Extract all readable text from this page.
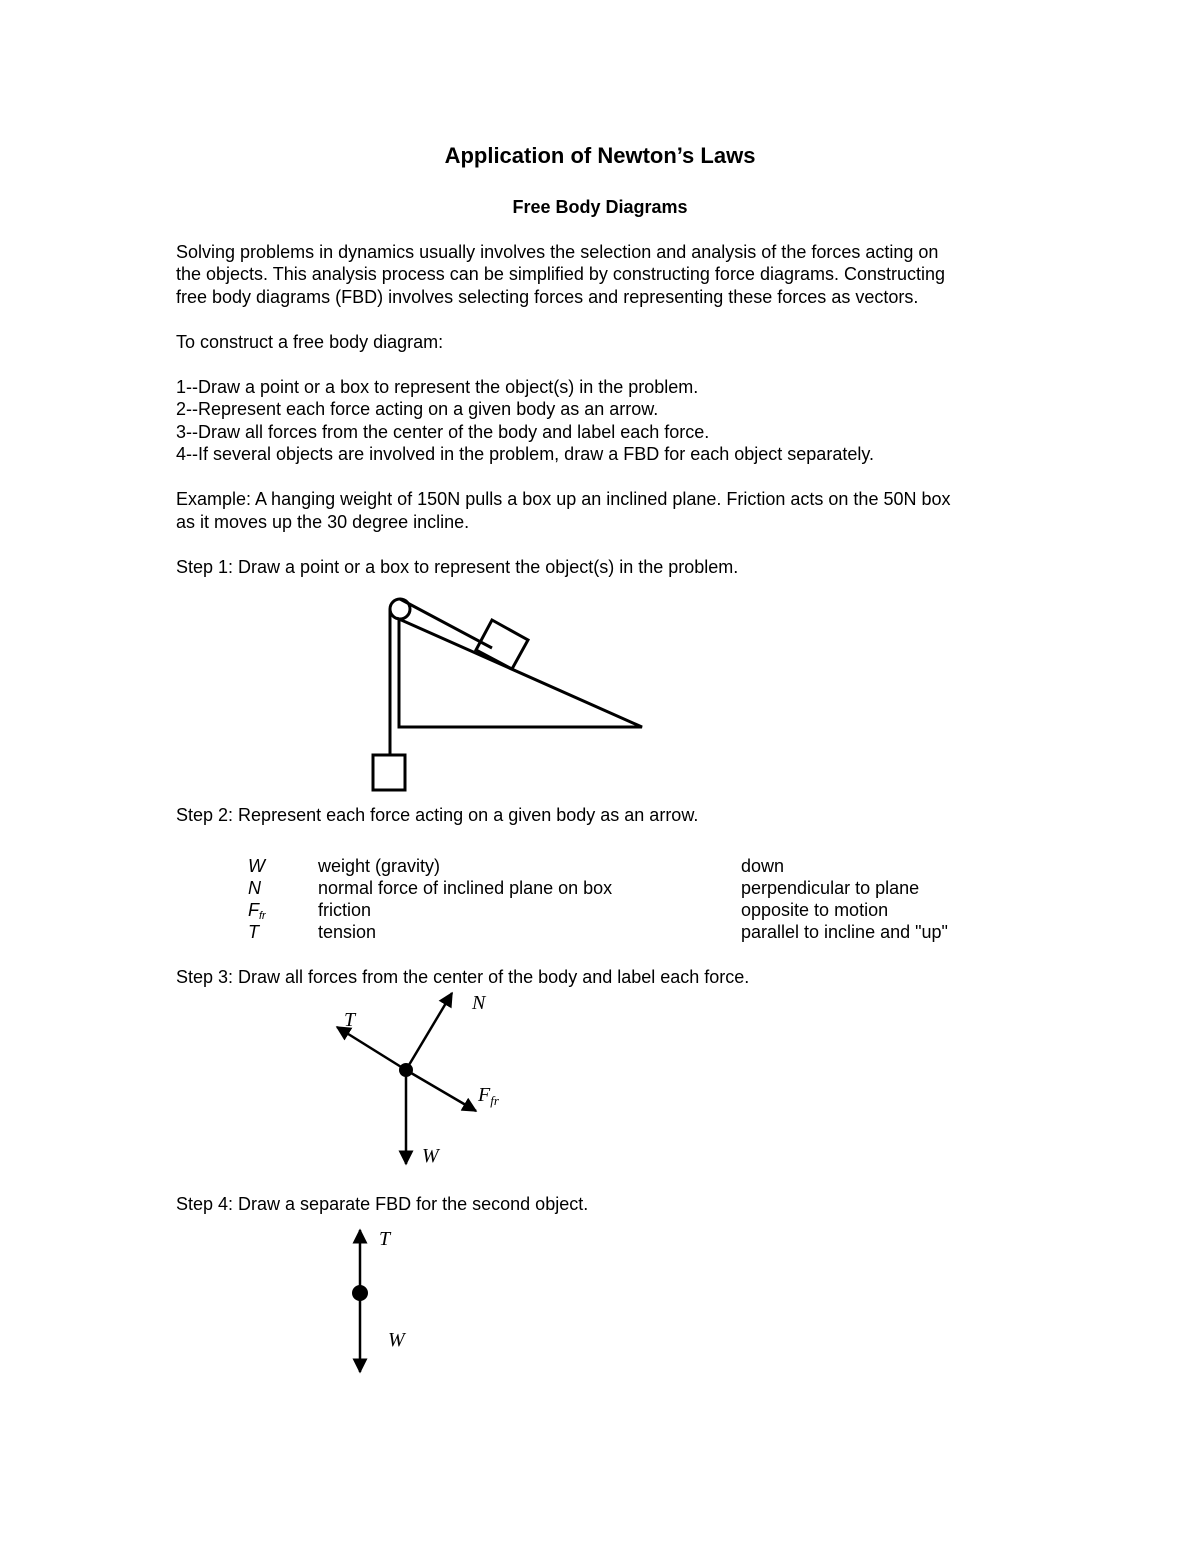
Application of Newton’s Laws
Free Body Diagrams

Solving problems in dynamics usually involves the selection and analysis of the forces acting on

the objects. This analysis process can be simplified by constructing force diagrams. Constructing

free body diagrams (FBD) involves selecting forces and representing these forces as vectors.

To construct a free body diagram:

1--Draw a point or a box to represent the object(s) in the problem.

2--Represent each force acting on a given body as an arrow.

3--Draw all forces from the center of the body and label each force.

4--If several objects are involved in the problem, draw a FBD for each object separately.

Example: A hanging weight of 150N pulls a box up an inclined plane. Friction acts on the 50N box

as it moves up the 30 degree incline.

Step 1: Draw a point or a box to represent the object(s) in the problem.

Step 2: Represent each force acting on a given body as an arrow.

W	weight (gravity)	down
N	normal force of inclined plane on box	perpendicular to plane
$F_{fr}$	friction	opposite to motion
T	tension	parallel to incline and "up"

Step 3: Draw all forces from the center of the body and label each force.

T
N
$F_{fr}$
W

Step 4: Draw a separate FBD for the second object.

T
W
